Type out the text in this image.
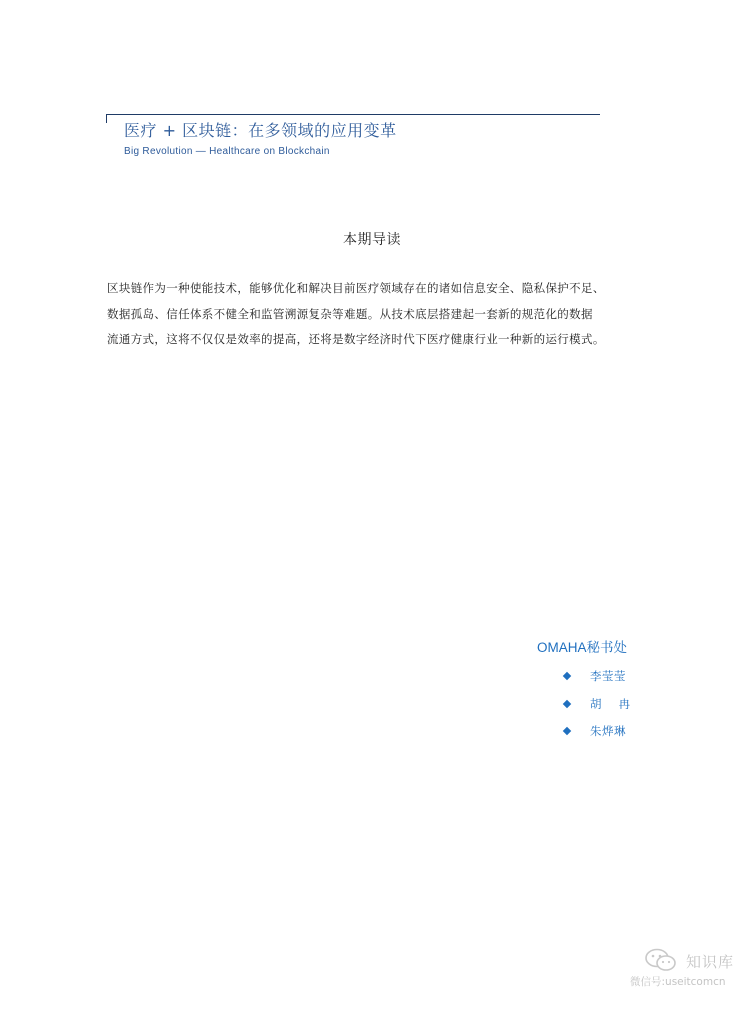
医疗 + 区块链：在多领域的应用变革
Big Revolution — Healthcare on Blockchain
本期导读
区块链作为一种使能技术，能够优化和解决目前医疗领域存在的诸如信息安全、隐私保护不足、
数据孤岛、信任体系不健全和监管溯源复杂等难题。从技术底层搭建起一套新的规范化的数据
流通方式，这将不仅仅是效率的提高，还将是数字经济时代下医疗健康行业一种新的运行模式。
OMAHA秘书处
李莹莹
胡    冉
朱烨琳
知识库
微信号:useitcomcn
